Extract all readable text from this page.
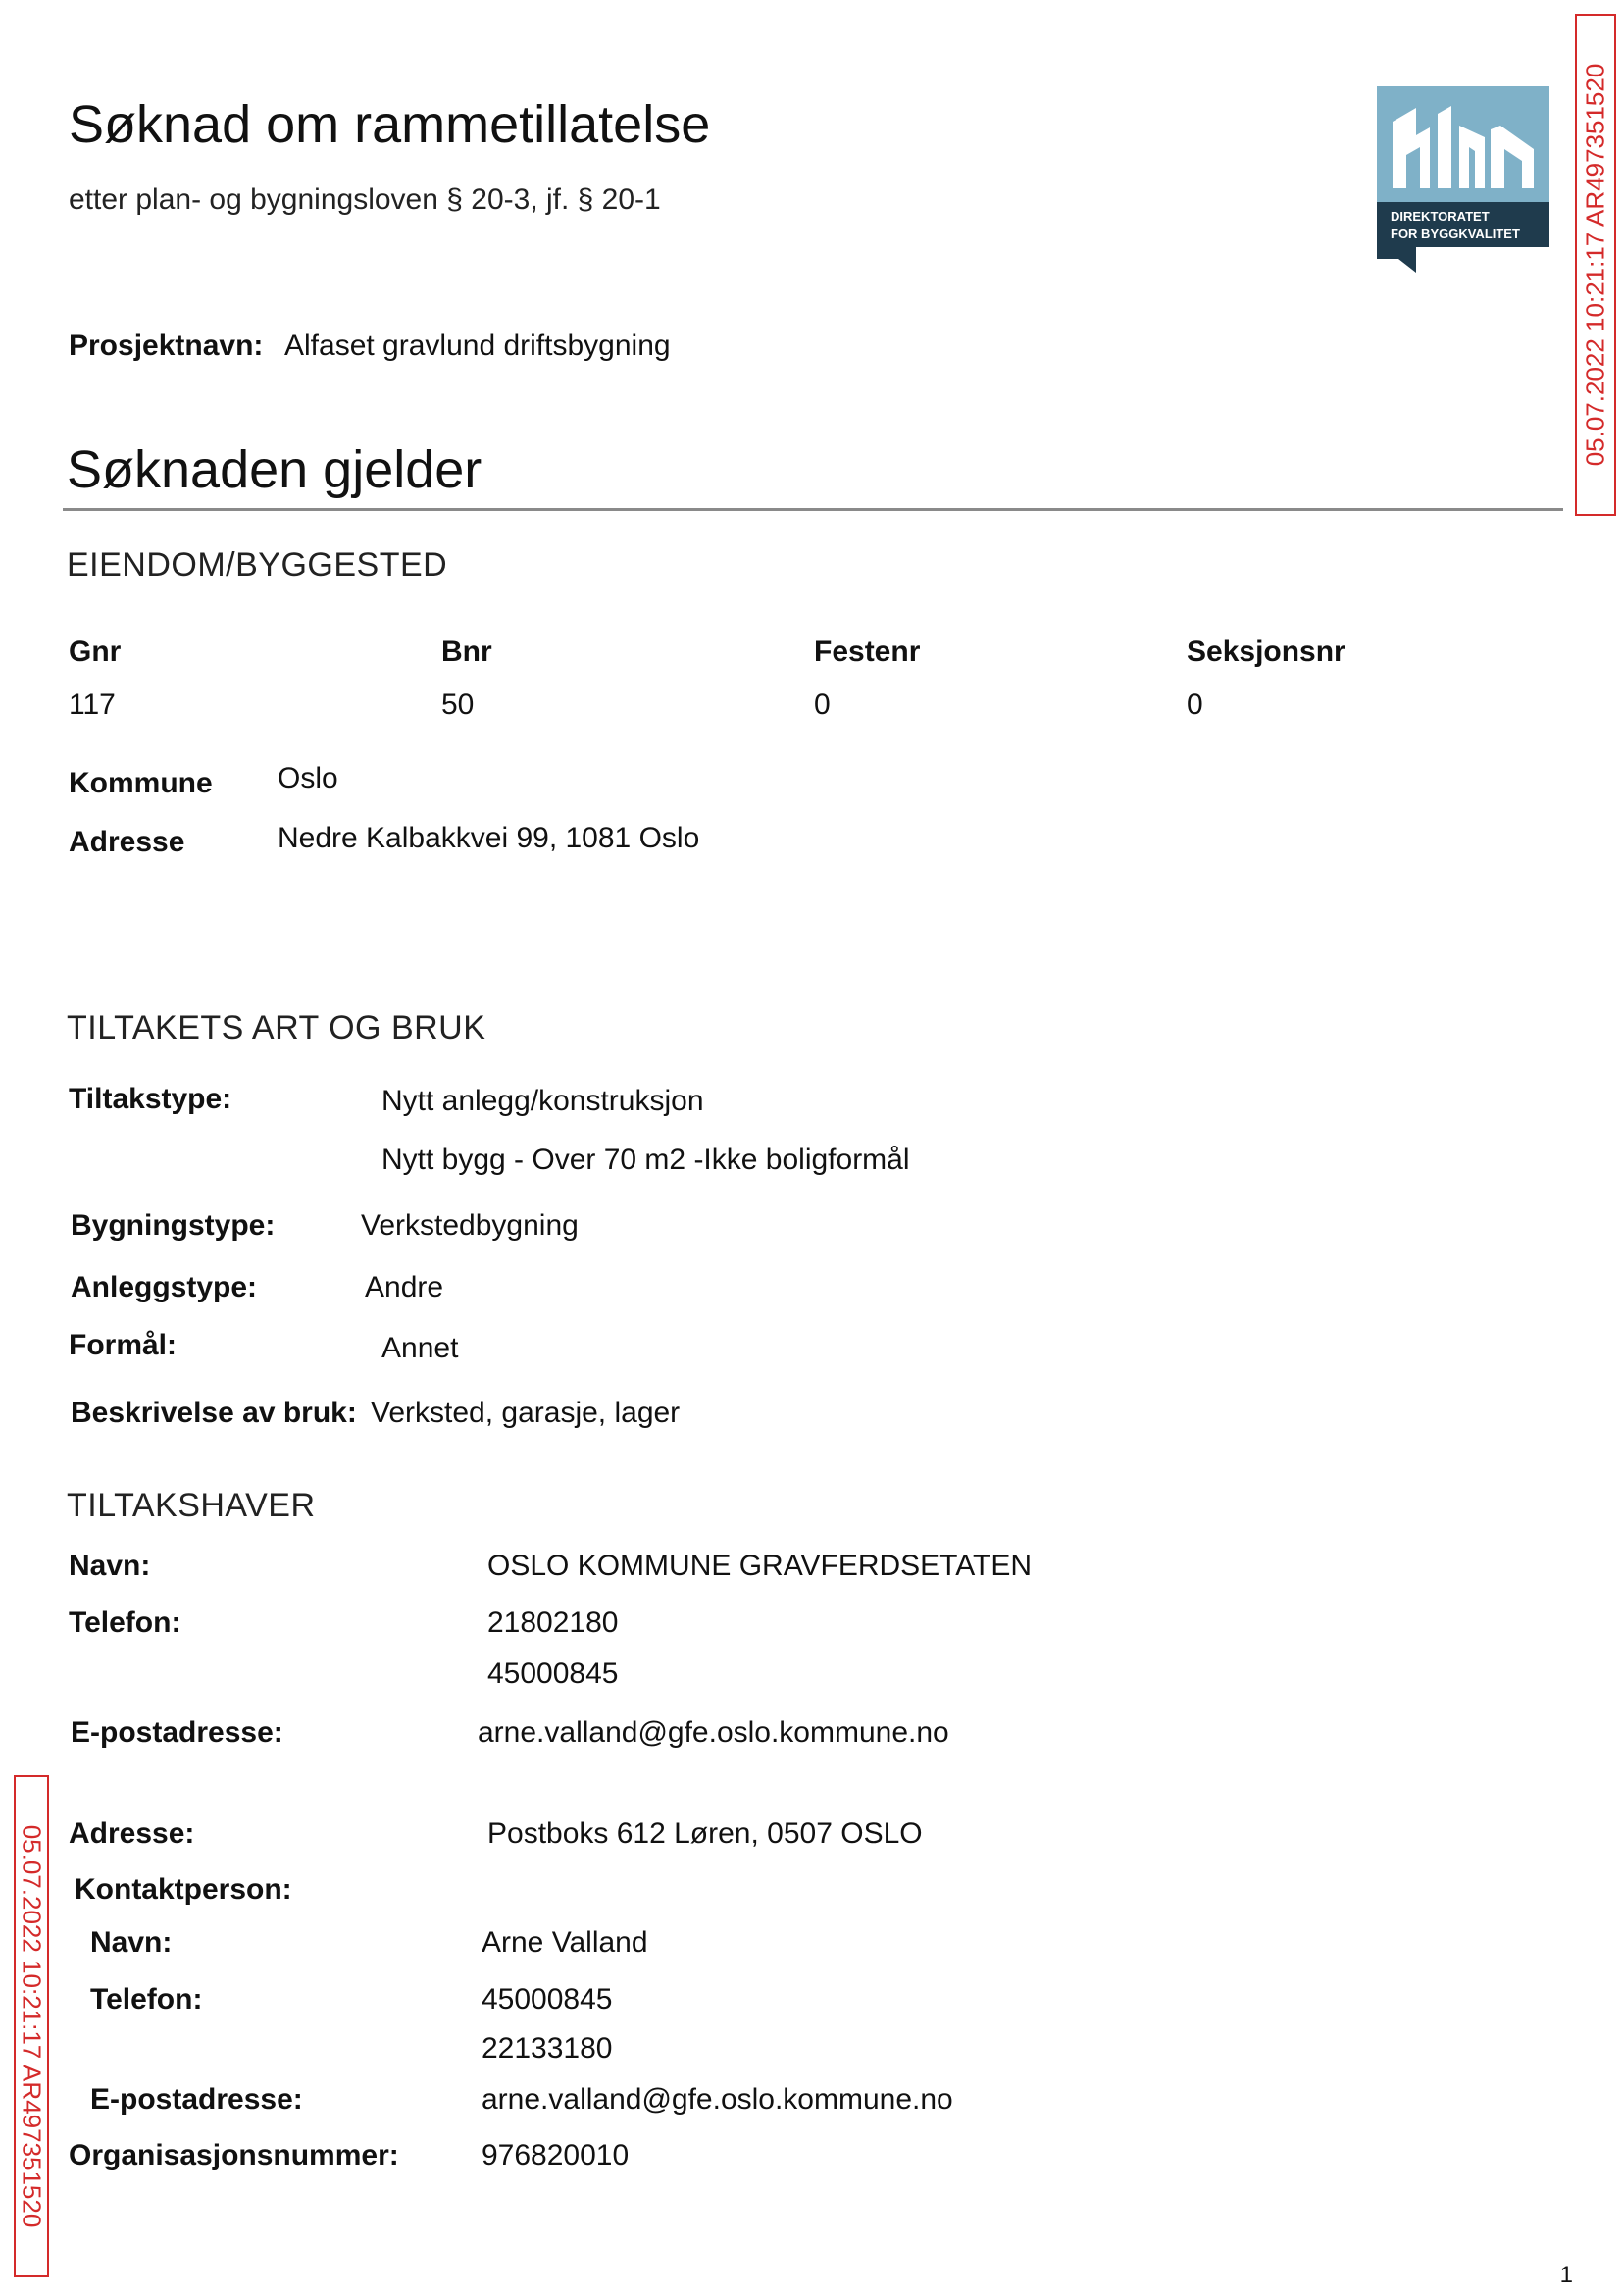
Søknad om rammetillatelse
etter plan- og bygningsloven § 20-3, jf. § 20-1
DIREKTORATET
FOR BYGGKVALITET
Prosjektnavn: Alfaset gravlund driftsbygning
Søknaden gjelder
EIENDOM/BYGGESTED
Gnr	Bnr	Festenr	Seksjonsnr
117	50	0	0
Kommune Oslo
Adresse	Nedre Kalbakkvei 99, 1081 Oslo
TILTAKETS ART OG BRUK
Tiltakstype:	Nytt anlegg/konstruksjon
Nytt bygg - Over 70 m2 -Ikke boligformål
Bygningstype:	Verkstedbygning
Anleggstype:	Andre
Formål:	Annet
Beskrivelse av bruk: Verksted, garasje, lager
TILTAKSHAVER
Navn:	OSLO KOMMUNE GRAVFERDSETATEN
Telefon:	21802180
45000845
E-postadresse:	arne.valland@gfe.oslo.kommune.no
Adresse:	Postboks 612 Løren, 0507 OSLO
Kontaktperson:
Navn:	Arne Valland
Telefon:	45000845
22133180
E-postadresse:	arne.valland@gfe.oslo.kommune.no
Organisasjonsnummer:	976820010
05.07.2022 10:21:17 AR497351520
05.07.2022 10:21:17 AR497351520
1
